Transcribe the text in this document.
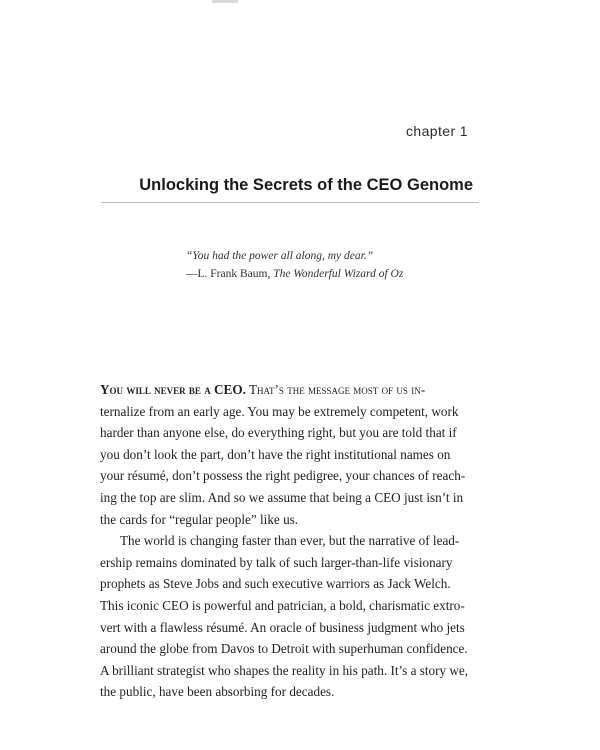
chapter 1
Unlocking the Secrets of the CEO Genome
“You had the power all along, my dear.”
—L. Frank Baum, The Wonderful Wizard of Oz

You will never be a CEO. That’s the message most of us in-
ternalize from an early age. You may be extremely competent, work
harder than anyone else, do everything right, but you are told that if
you don’t look the part, don’t have the right institutional names on
your résumé, don’t possess the right pedigree, your chances of reach-
ing the top are slim. And so we assume that being a CEO just isn’t in
the cards for “regular people” like us.

The world is changing faster than ever, but the narrative of lead-
ership remains dominated by talk of such larger-than-life visionary
prophets as Steve Jobs and such executive warriors as Jack Welch.
This iconic CEO is powerful and patrician, a bold, charismatic extro-
vert with a flawless résumé. An oracle of business judgment who jets
around the globe from Davos to Detroit with superhuman confidence.
A brilliant strategist who shapes the reality in his path. It’s a story we,
the public, have been absorbing for decades.
